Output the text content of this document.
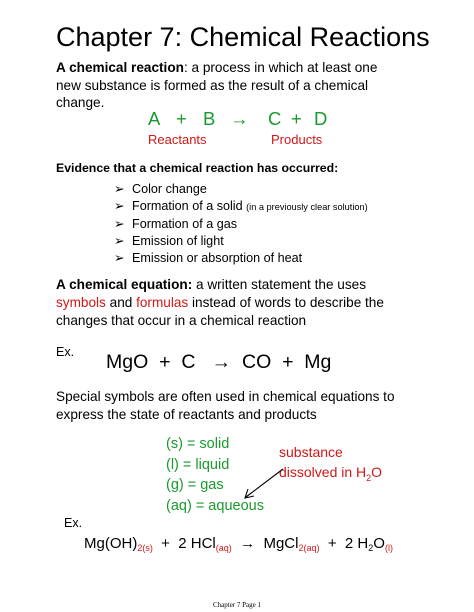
Chapter 7: Chemical Reactions
A chemical reaction: a process in which at least one new substance is formed as the result of a chemical change.
A + B → C + D
Reactants	Products
Evidence that a chemical reaction has occurred:
➢ Color change
➢ Formation of a solid (in a previously clear solution)
➢ Formation of a gas
➢ Emission of light
➢ Emission or absorption of heat
A chemical equation: a written statement the uses symbols and formulas instead of words to describe the changes that occur in a chemical reaction
Ex. MgO  +  C   →  CO  +  Mg
Special symbols are often used in chemical equations to express the state of reactants and products
(s) = solid
(l) = liquid
(g) = gas
(aq) = aqueous
substance
dissolved in $H_2O$
Ex.
$Mg(OH)_{2(s)} + 2$ HCl$_{(aq)}$  →  MgCl$_{2(aq)}$  +  2 $H_2O_{(l)}$
Chapter 7 Page 1
